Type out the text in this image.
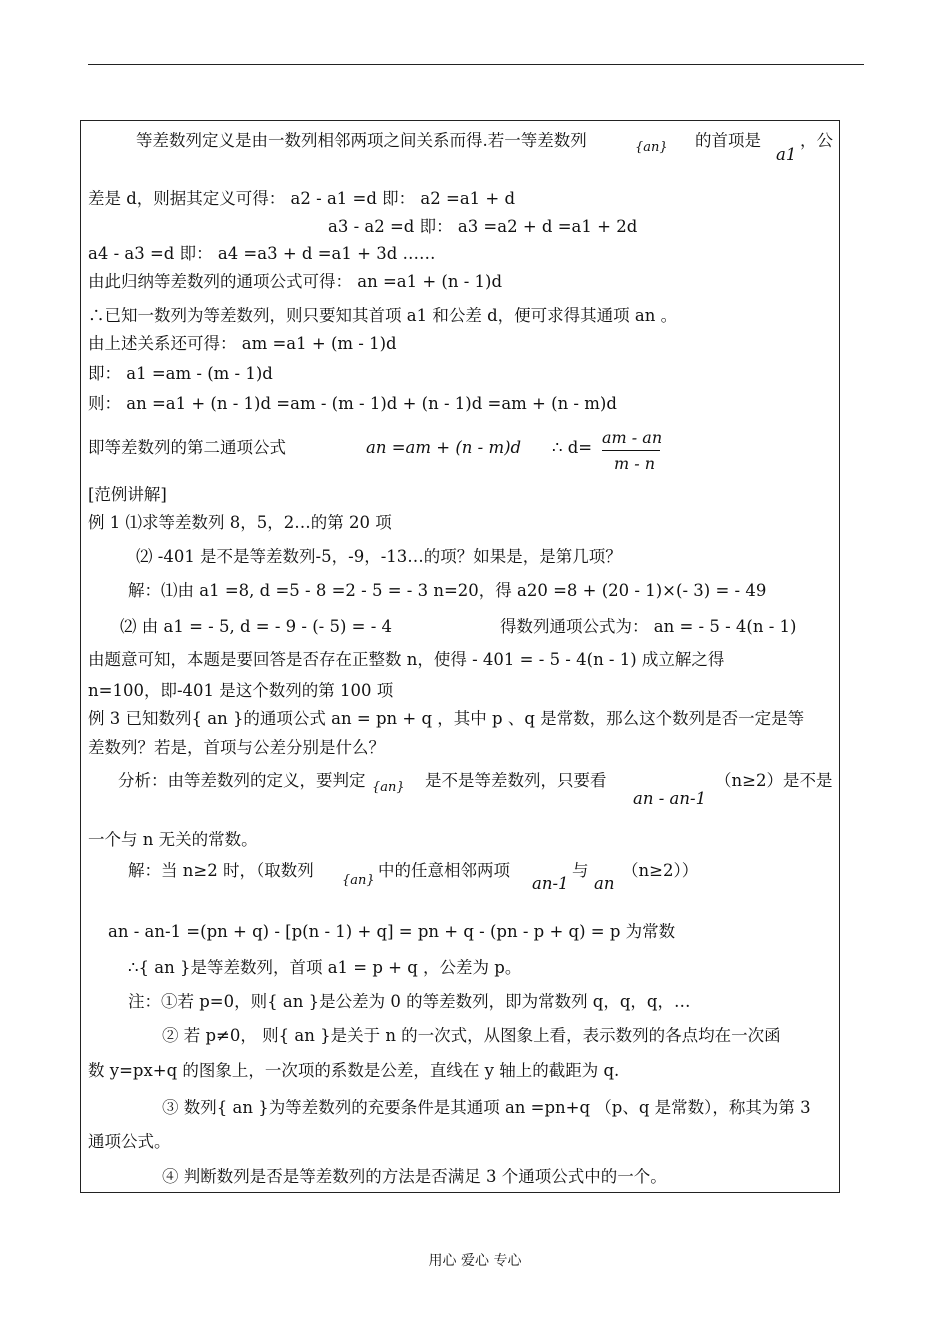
等差数列定义是由一数列相邻两项之间关系而得.若一等差数列	{an} 的首项是
a1
，公
差是 d，则据其定义可得： a2 - a1 =d 即： a2 =a1 + d
a3 - a2 =d 即： a3 =a2 + d =a1 + 2d
a4 - a3 =d 即： a4 =a3 + d =a1 + 3d ……
由此归纳等差数列的通项公式可得： an =a1 + (n - 1)d
∴已知一数列为等差数列，则只要知其首项 a1 和公差 d，便可求得其通项 an 。
由上述关系还可得： am =a1 + (m - 1)d
即： a1 =am - (m - 1)d
则： an =a1 + (n - 1)d =am - (m - 1)d + (n - 1)d =am + (n - m)d
即等差数列的第二通项公式	an =am + (n - m)d ∴ d=
am - an
m - n
[范例讲解]
例 1 ⑴求等差数列 8，5，2…的第 20 项
⑵ -401 是不是等差数列-5，-9，-13…的项？如果是，是第几项？
解：⑴由 a1 =8, d =5 - 8 =2 - 5 = - 3 n=20，得 a20 =8 + (20 - 1)×(- 3) = - 49
⑵ 由 a1 = - 5, d = - 9 - (- 5) = - 4	得数列通项公式为： an = - 5 - 4(n - 1)
由题意可知，本题是要回答是否存在正整数 n，使得 - 401 = - 5 - 4(n - 1) 成立解之得
n=100，即-401 是这个数列的第 100 项
例 3 已知数列{ an }的通项公式 an = pn + q ，其中 p 、q 是常数，那么这个数列是否一定是等
差数列？若是，首项与公差分别是什么？
分析：由等差数列的定义，要判定 {an} 是不是等差数列，只要看
an - an-1
（n≥2）是不是
一个与 n 无关的常数。
解：当 n≥2 时，（取数列
{an}
中的任意相邻两项
an-1
与
an
（n≥2））
an - an-1 =(pn + q) - [p(n - 1) + q] = pn + q - (pn - p + q) = p 为常数
∴{ an }是等差数列，首项 a1 = p + q ，公差为 p。
注：①若 p=0，则{ an }是公差为 0 的等差数列，即为常数列 q，q，q，…
② 若 p≠0， 则{ an }是关于 n 的一次式，从图象上看，表示数列的各点均在一次函
数 y=px+q 的图象上，一次项的系数是公差，直线在 y 轴上的截距为 q.
③ 数列{ an }为等差数列的充要条件是其通项 an =pn+q （p、q 是常数），称其为第 3
通项公式。
④ 判断数列是否是等差数列的方法是否满足 3 个通项公式中的一个。
用心 爱心 专心
